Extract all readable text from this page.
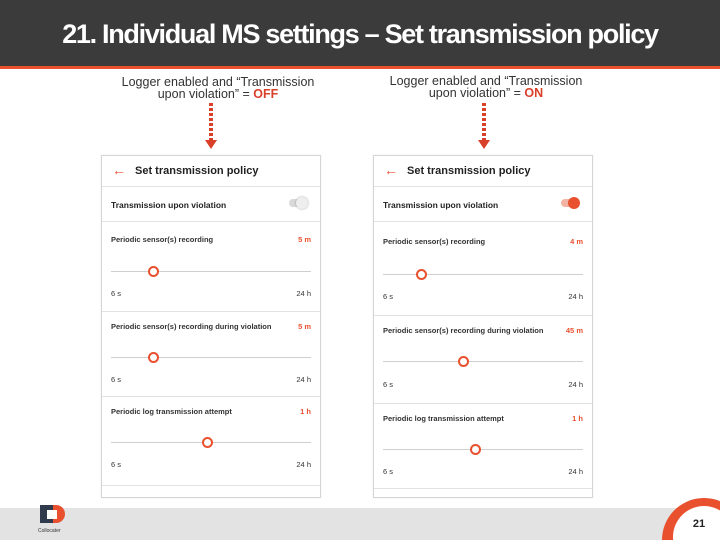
21. Individual MS settings – Set transmission policy
Logger enabled and “Transmission
upon violation” = OFF
Logger enabled and “Transmission
upon violation” = ON
← Set transmission policy
Transmission upon violation
Periodic sensor(s) recording	5 m
6 s	24 h
Periodic sensor(s) recording during violation	5 m
6 s	24 h
Periodic log transmission attempt	1 h
6 s	24 h
← Set transmission policy
Transmission upon violation
Periodic sensor(s) recording	4 m
6 s	24 h
Periodic sensor(s) recording during violation	45 m
6 s	24 h
Periodic log transmission attempt	1 h
6 s	24 h
Collocater
21
